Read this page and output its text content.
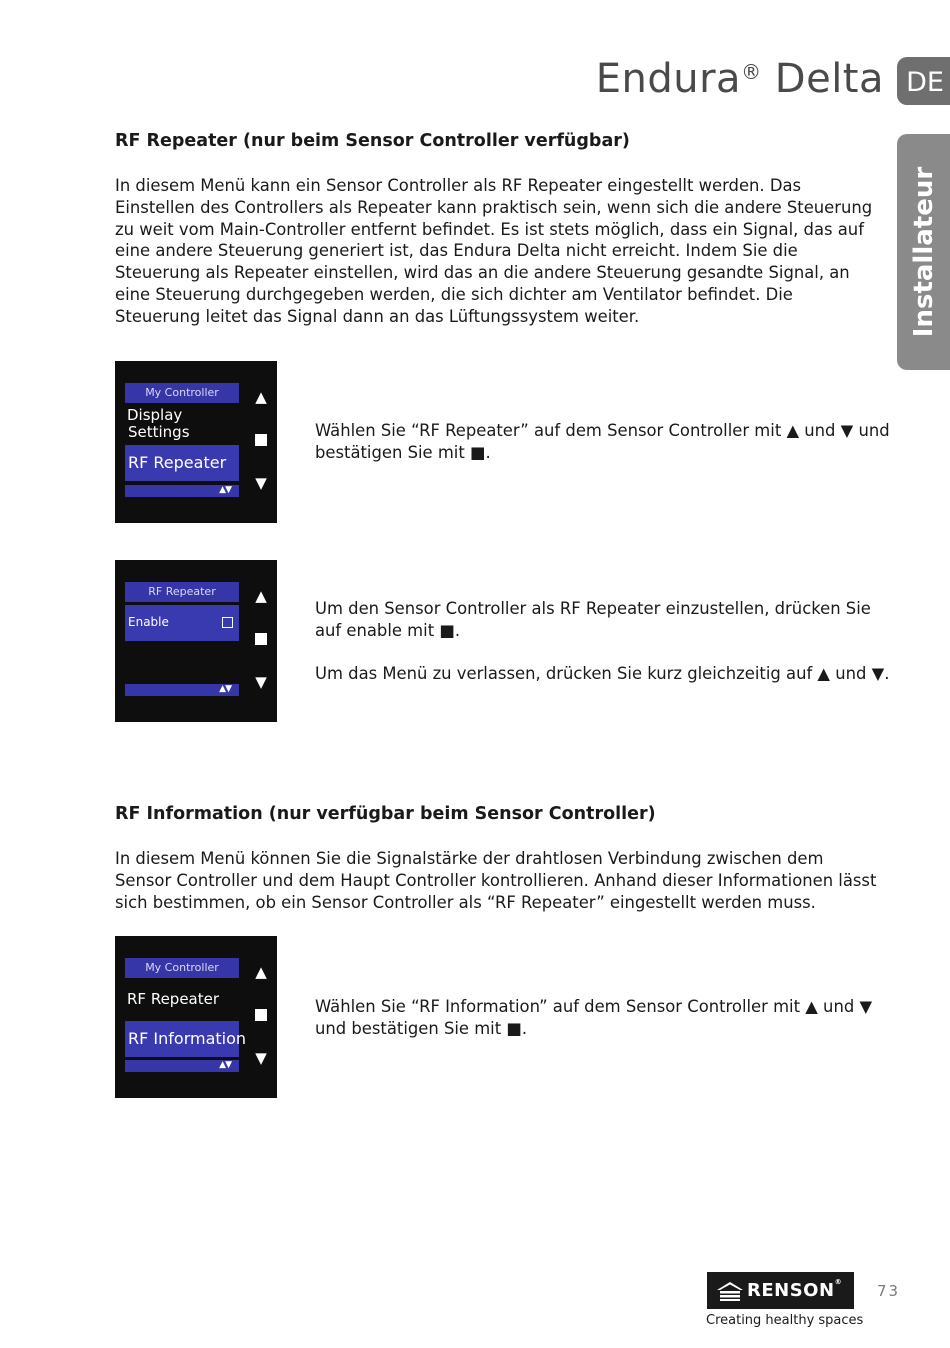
Endura® Delta DE
Installateur
RF Repeater (nur beim Sensor Controller verfügbar)

In diesem Menü kann ein Sensor Controller als RF Repeater eingestellt werden. Das Einstellen des Controllers als Repeater kann praktisch sein, wenn sich die andere Steuerung zu weit vom Main-Controller entfernt befindet. Es ist stets möglich, dass ein Signal, das auf eine andere Steuerung generiert ist, das Endura Delta nicht erreicht. Indem Sie die Steuerung als Repeater einstellen, wird das an die andere Steuerung gesandte Signal, an eine Steuerung durchgegeben werden, die sich dichter am Ventilator befindet. Die Steuerung leitet das Signal dann an das Lüftungssystem weiter.

My Controller
Display
Settings
RF Repeater
▲▼
▲
▼

Wählen Sie “RF Repeater” auf dem Sensor Controller mit ▲ und ▼ und bestätigen Sie mit ■.

RF Repeater
Enable
▲▼
▲
▼

Um den Sensor Controller als RF Repeater einzustellen, drücken Sie auf enable mit ■.

Um das Menü zu verlassen, drücken Sie kurz gleichzeitig auf ▲ und ▼.

RF Information (nur verfügbar beim Sensor Controller)

In diesem Menü können Sie die Signalstärke der drahtlosen Verbindung zwischen dem Sensor Controller und dem Haupt Controller kontrollieren. Anhand dieser Informationen lässt sich bestimmen, ob ein Sensor Controller als “RF Repeater” eingestellt werden muss.

My Controller
RF Repeater
RF Information
▲▼
▲
▼

Wählen Sie “RF Information” auf dem Sensor Controller mit ▲ und ▼ und bestätigen Sie mit ■.

RENSON®
Creating healthy spaces
73
